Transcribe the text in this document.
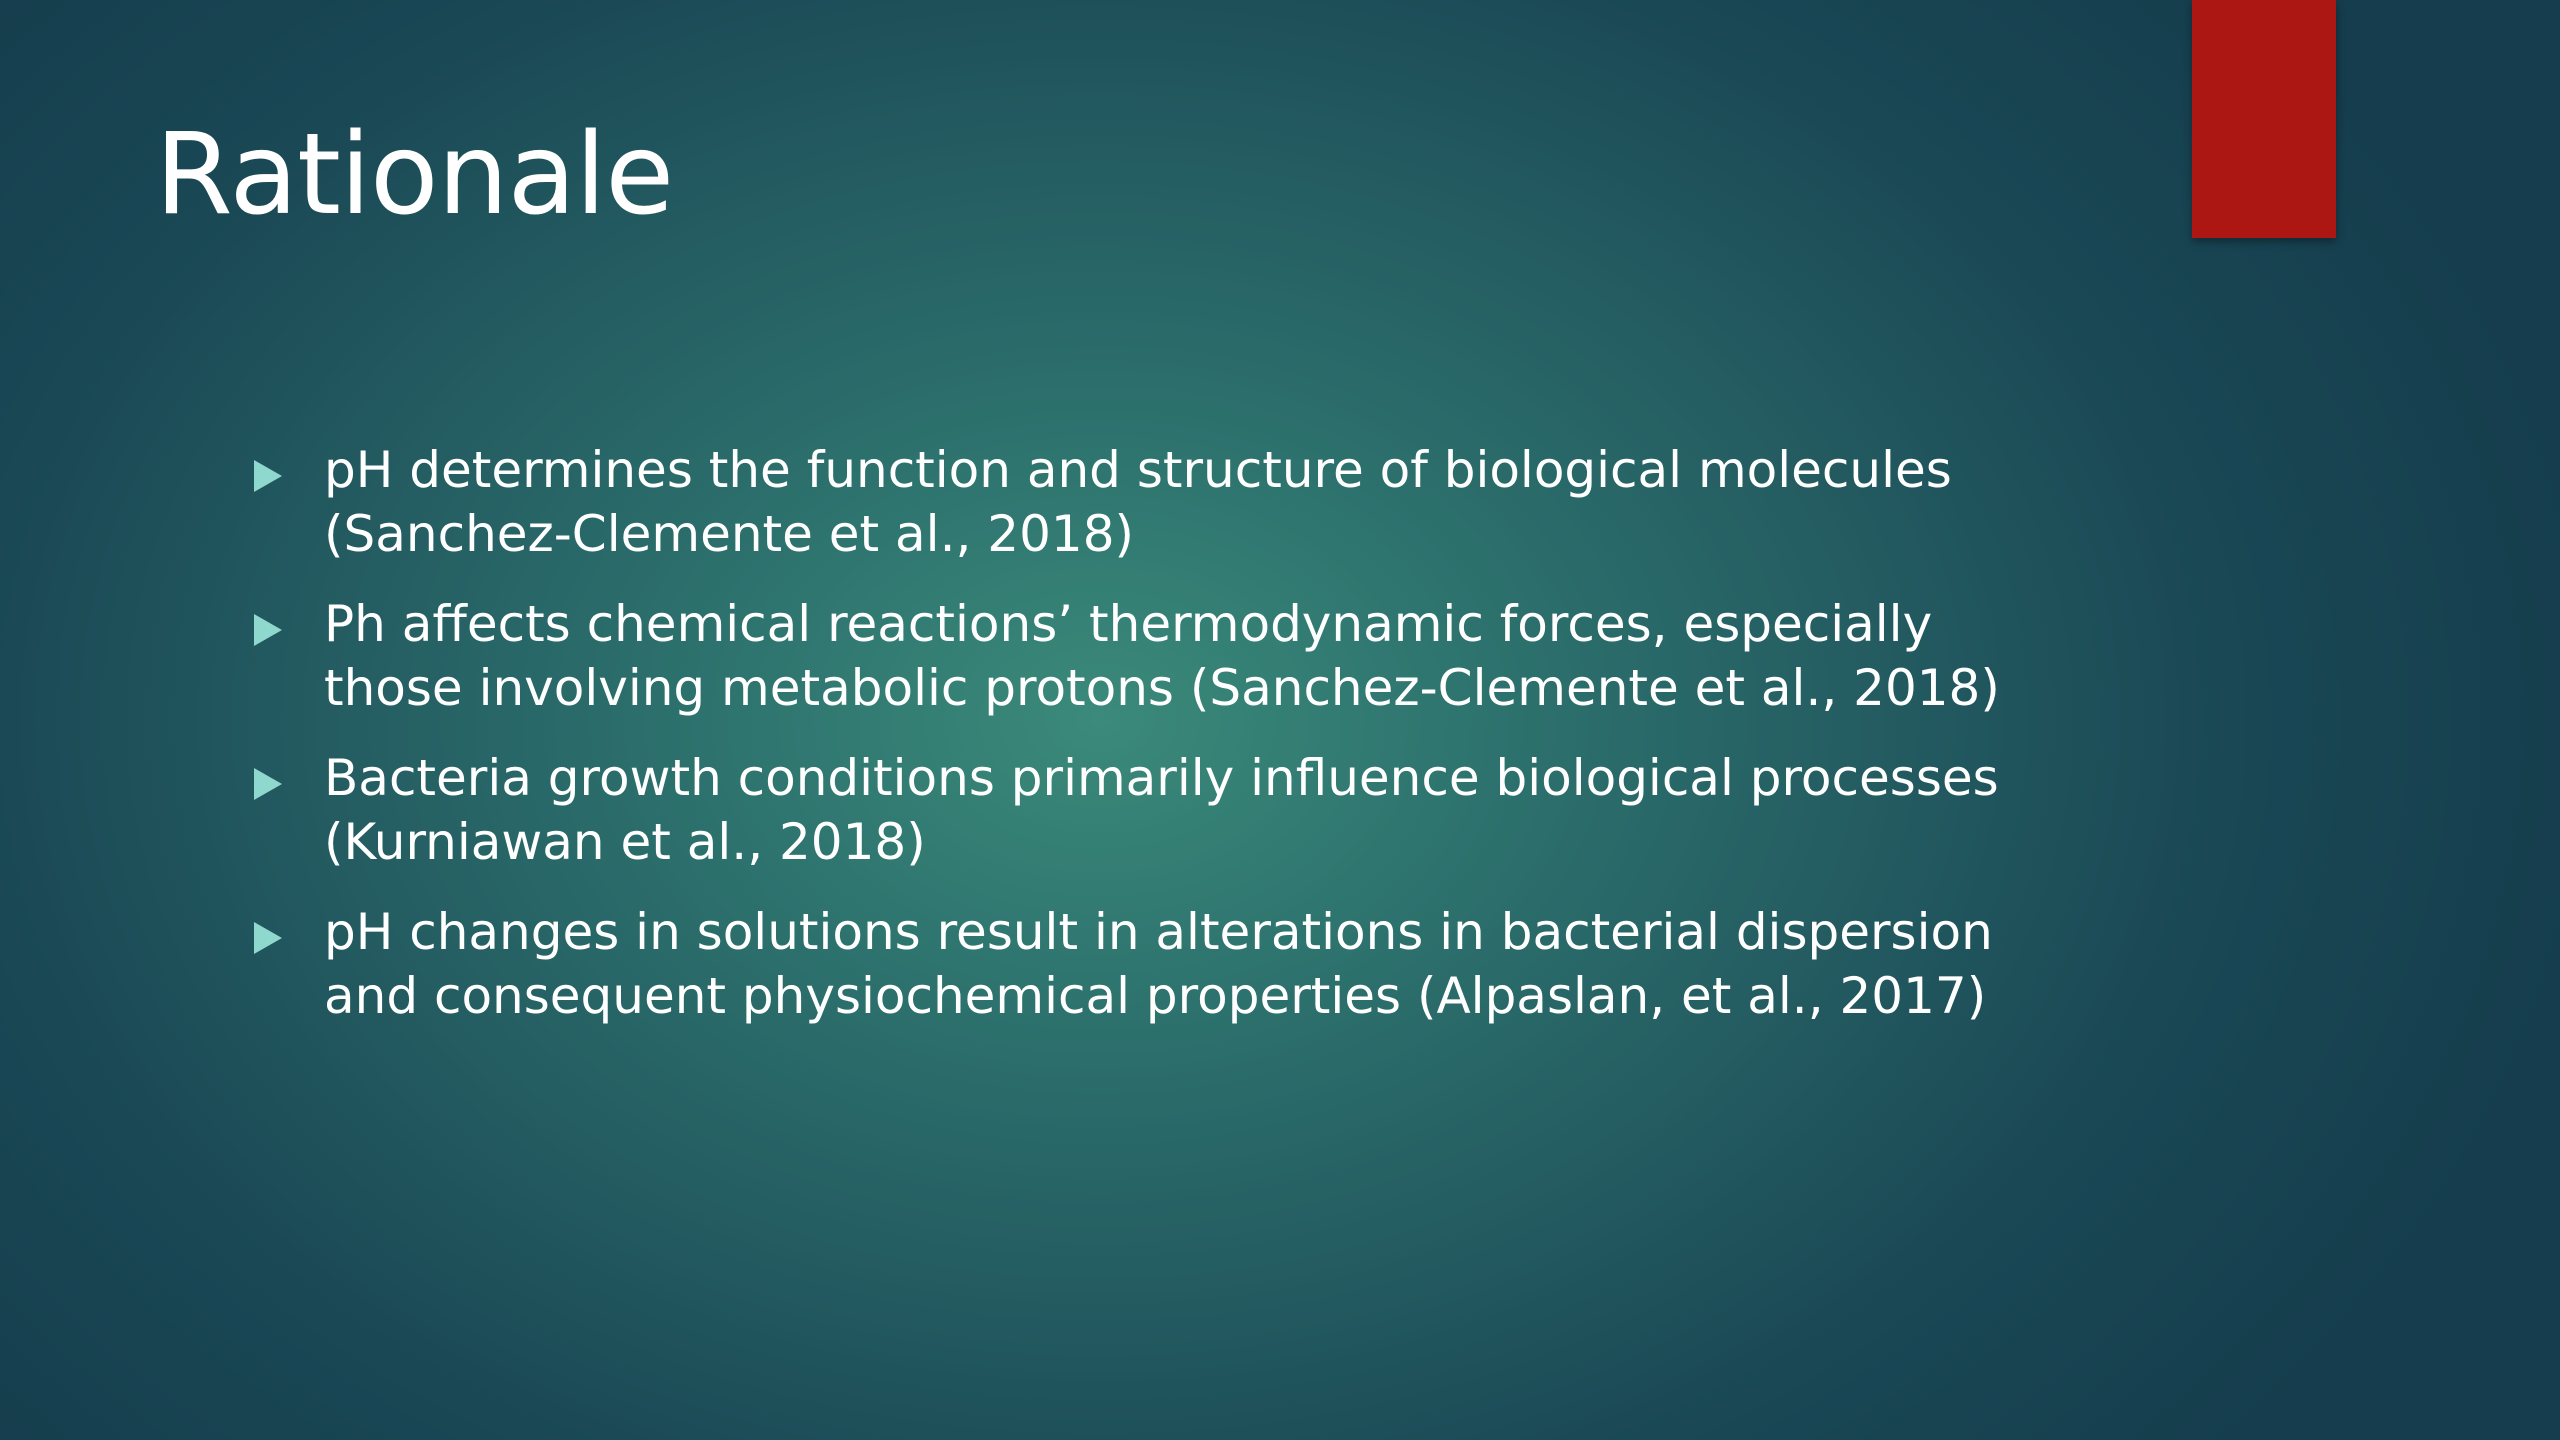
Rationale
pH determines the function and structure of biological molecules
(Sanchez-Clemente et al., 2018)
Ph affects chemical reactions’ thermodynamic forces, especially
those involving metabolic protons (Sanchez-Clemente et al., 2018)
Bacteria growth conditions primarily influence biological processes
(Kurniawan et al., 2018)
pH changes in solutions result in alterations in bacterial dispersion
and consequent physiochemical properties (Alpaslan, et al., 2017)
